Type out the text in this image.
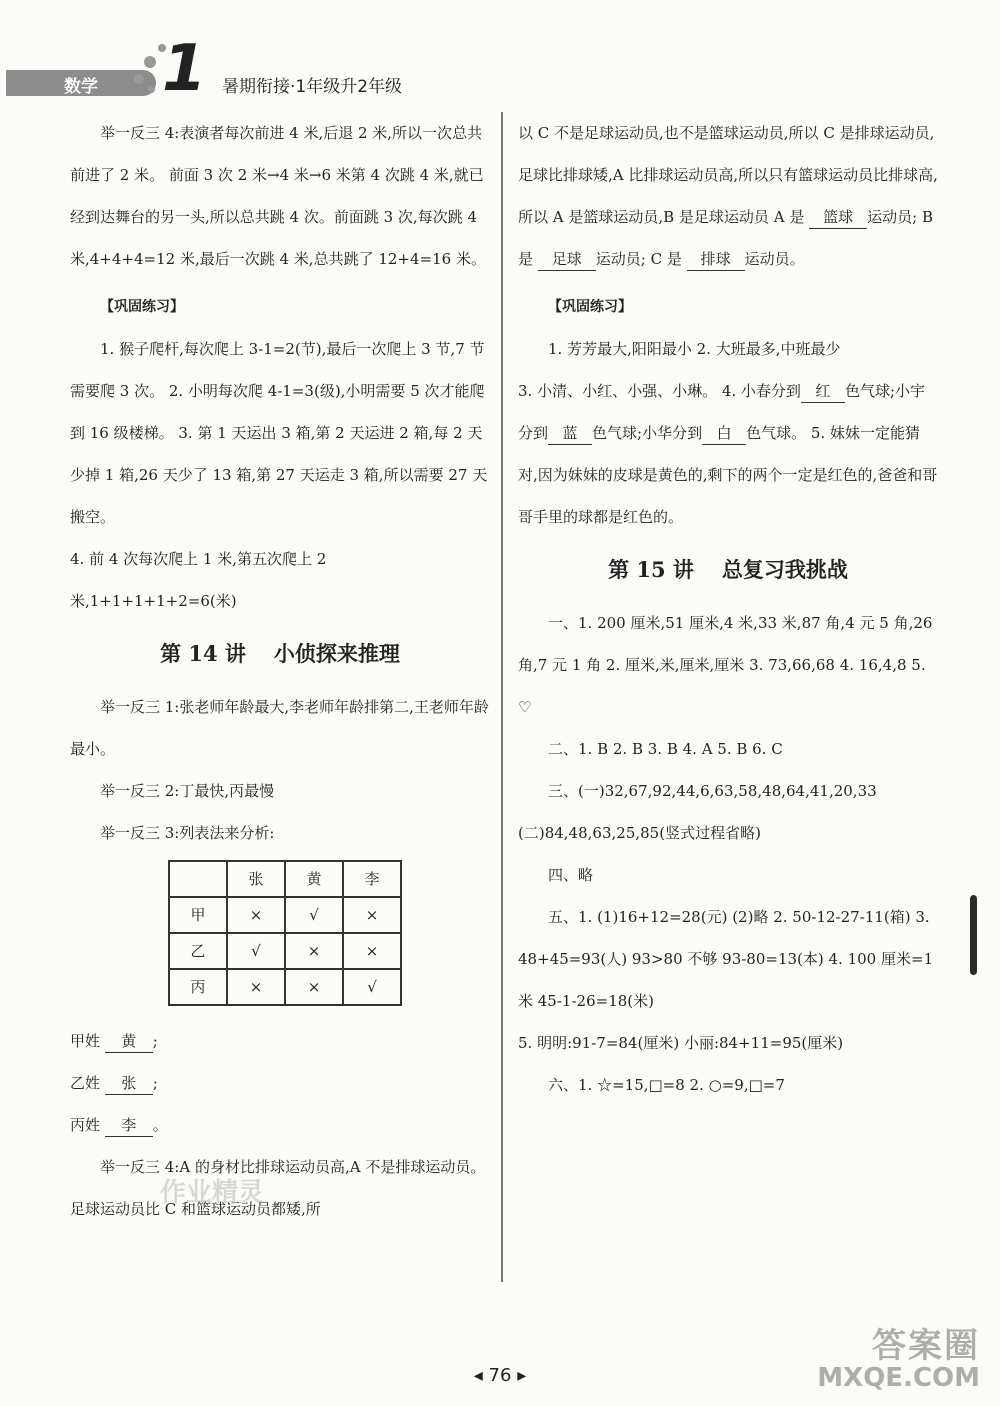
数学 1 暑期衔接·1年级升2年级

举一反三 4:表演者每次前进 4 米,后退 2 米,所以一次总共前进了 2 米。 前面 3 次 2 米→4 米→6 米第 4 次跳 4 米,就已经到达舞台的另一头,所以总共跳 4 次。前面跳 3 次,每次跳 4 米,4+4+4=12 米,最后一次跳 4 米,总共跳了 12+4=16 米。

【巩固练习】

1. 猴子爬杆,每次爬上 3-1=2(节),最后一次爬上 3 节,7 节需要爬 3 次。 2. 小明每次爬 4-1=3(级),小明需要 5 次才能爬到 16 级楼梯。 3. 第 1 天运出 3 箱,第 2 天运进 2 箱,每 2 天少掉 1 箱,26 天少了 13 箱,第 27 天运走 3 箱,所以需要 27 天搬空。

4. 前 4 次每次爬上 1 米,第五次爬上 2 米,1+1+1+1+2=6(米)

第 14 讲 小侦探来推理

举一反三 1:张老师年龄最大,李老师年龄排第二,王老师年龄最小。

举一反三 2:丁最快,丙最慢

举一反三 3:列表法来分析:

	张	黄	李
甲	×	√	×
乙	√	×	×
丙	×	×	√

甲姓 黄 ;

乙姓 张 ;

丙姓 李 。

举一反三 4:A 的身材比排球运动员高,A 不是排球运动员。 足球运动员比 C 和篮球运动员都矮,所

作业精灵

以 C 不是足球运动员,也不是篮球运动员,所以 C 是排球运动员,足球比排球矮,A 比排球运动员高,所以只有篮球运动员比排球高,所以 A 是篮球运动员,B 是足球运动员 A 是 篮球 运动员; B 是 足球 运动员; C 是 排球 运动员。

【巩固练习】

1. 芳芳最大,阳阳最小 2. 大班最多,中班最少

3. 小清、小红、小强、小琳。 4. 小春分到 红 色气球;小宇分到 蓝 色气球;小华分到 白 色气球。 5. 妹妹一定能猜对,因为妹妹的皮球是黄色的,剩下的两个一定是红色的,爸爸和哥哥手里的球都是红色的。

第 15 讲 总复习我挑战

一、1. 200 厘米,51 厘米,4 米,33 米,87 角,4 元 5 角,26 角,7 元 1 角 2. 厘米,米,厘米,厘米 3. 73,66,68 4. 16,4,8 5. ♡

二、1. B 2. B 3. B 4. A 5. B 6. C

三、(一)32,67,92,44,6,63,58,48,64,41,20,33

(二)84,48,63,25,85(竖式过程省略)

四、略

五、1. (1)16+12=28(元) (2)略 2. 50-12-27-11(箱) 3. 48+45=93(人) 93>80 不够 93-80=13(本) 4. 100 厘米=1 米 45-1-26=18(米)

5. 明明:91-7=84(厘米) 小丽:84+11=95(厘米)

六、1. ☆=15,□=8 2. ○=9,□=7

答案圈
MXQE.COM
◂ 76 ▸
